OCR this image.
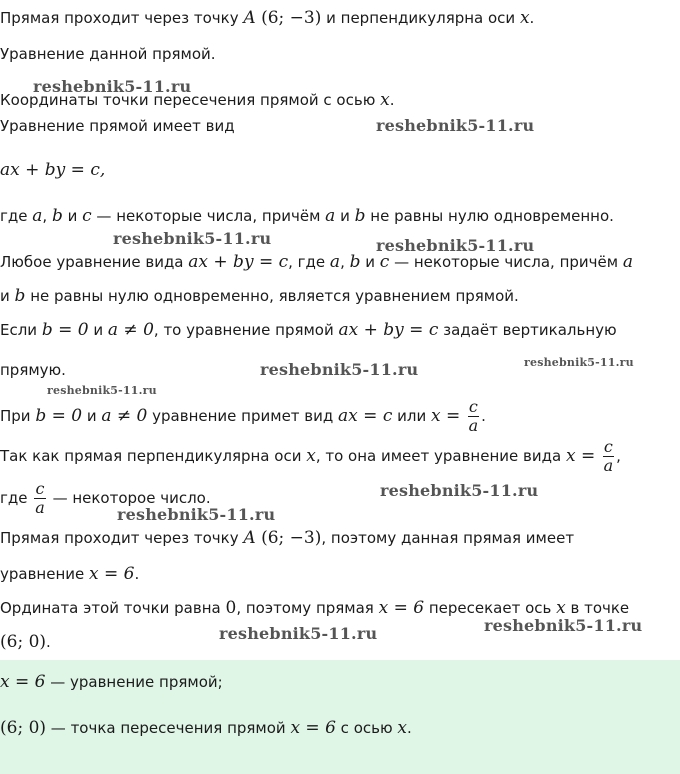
Прямая проходит через точку A (6; −3) и перпендикулярна оси x.
Уравнение данной прямой.
Координаты точки пересечения прямой с осью x.
Уравнение прямой имеет вид
ax + by = c,
где a, b и c — некоторые числа, причём a и b не равны нулю одновременно.
Любое уравнение вида ax + by = c, где a, b и c — некоторые числа, причём a
и b не равны нулю одновременно, является уравнением прямой.
Если b = 0 и a ≠ 0, то уравнение прямой ax + by = c задаёт вертикальную
прямую.
При b = 0 и a ≠ 0 уравнение примет вид ax = c или $x = \frac{c}{a}$ .
Так как прямая перпендикулярна оси x, то она имеет уравнение вида $x = \frac{c}{a}$ ,
где $\frac{c}{a}$ — некоторое число.
Прямая проходит через точку A (6; −3), поэтому данная прямая имеет
уравнение x = 6.
Ордината этой точки равна 0, поэтому прямая x = 6 пересекает ось x в точке
(6; 0).
x = 6 — уравнение прямой;
(6; 0) — точка пересечения прямой x = 6 с осью x.
reshebnik5-11.ru
reshebnik5-11.ru
reshebnik5-11.ru	reshebnik5-11.ru
reshebnik5-11.ru	reshebnik5-11.ru
reshebnik5-11.ru
reshebnik5-11.ru
reshebnik5-11.ru
reshebnik5-11.ru	reshebnik5-11.ru
